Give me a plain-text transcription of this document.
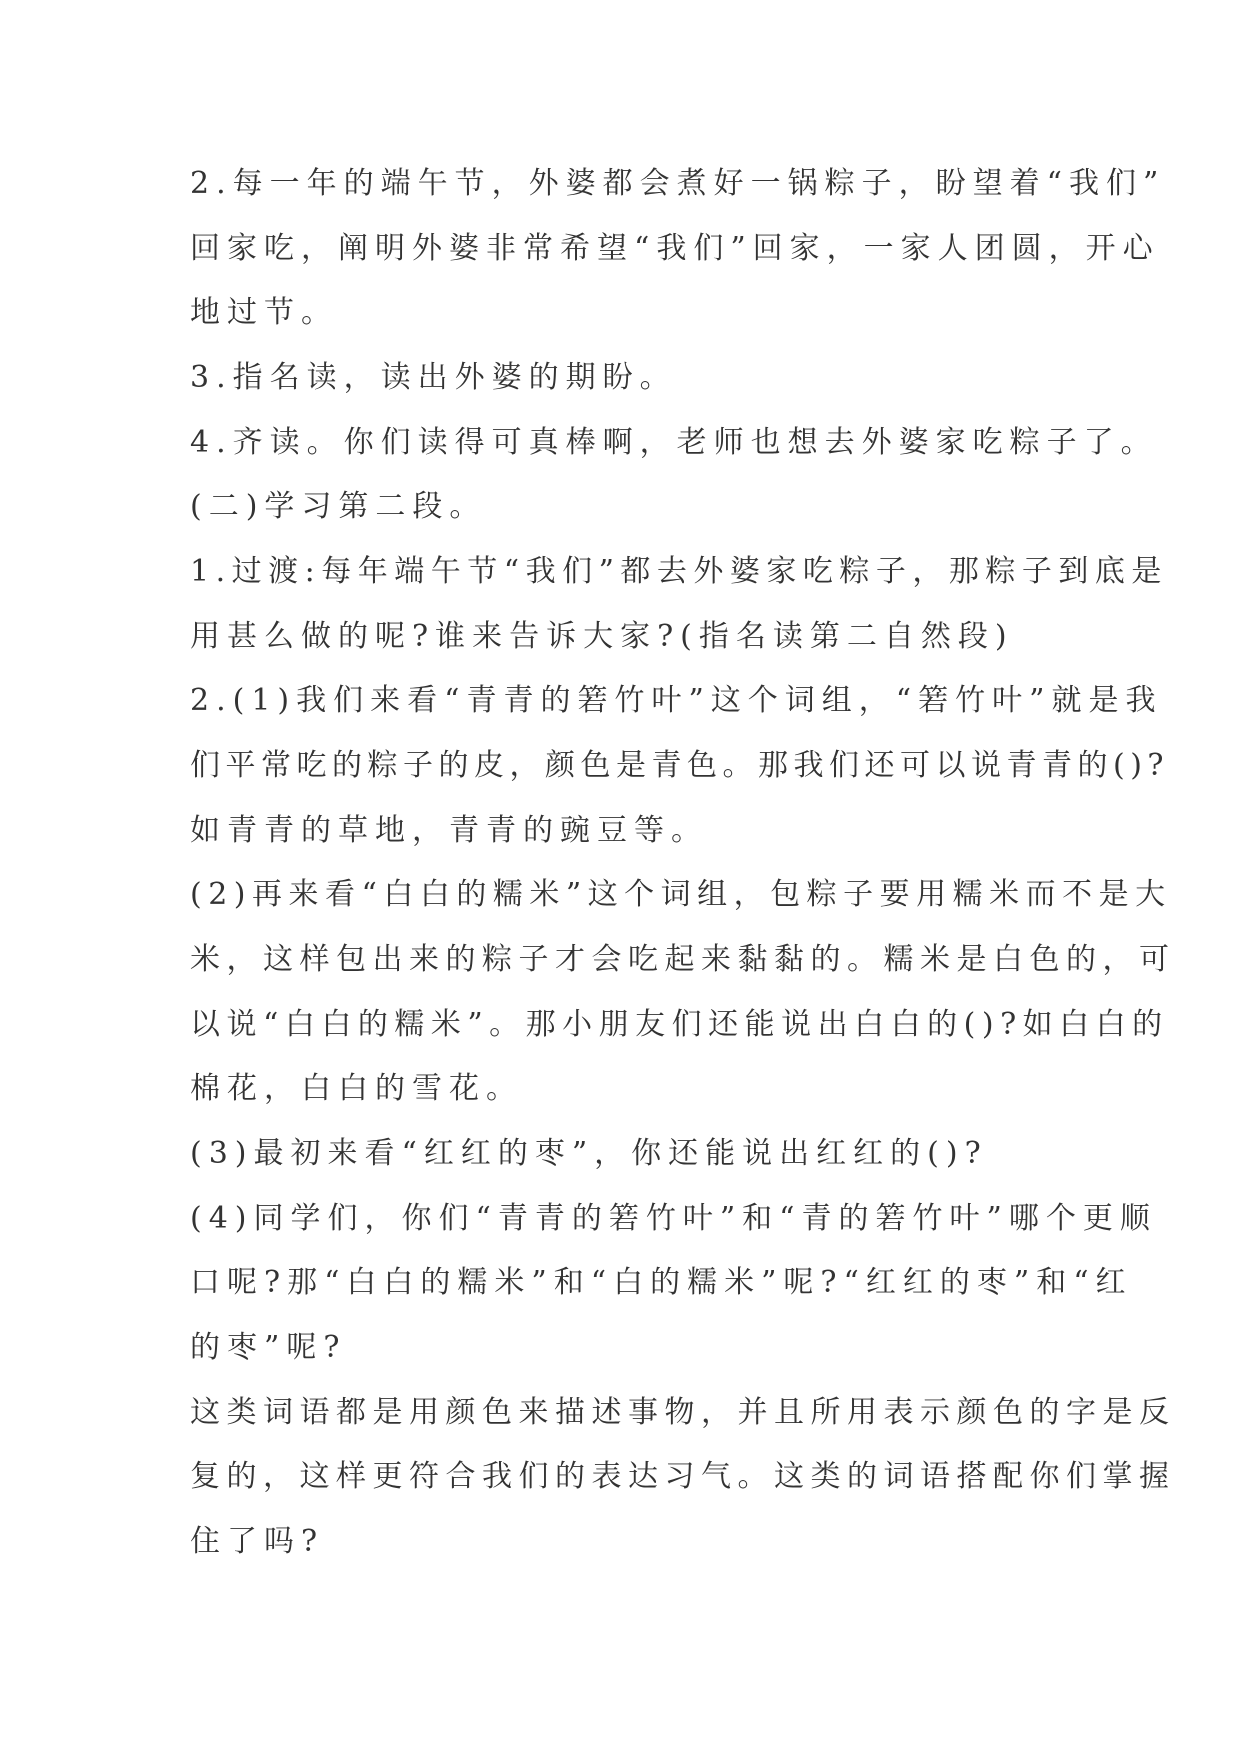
2.每一年的端午节，外婆都会煮好一锅粽子，盼望着“我们”
回家吃，阐明外婆非常希望“我们”回家，一家人团圆，开心
地过节。
3.指名读，读出外婆的期盼。
4.齐读。你们读得可真棒啊，老师也想去外婆家吃粽子了。
(二)学习第二段。
1.过渡:每年端午节“我们”都去外婆家吃粽子，那粽子到底是
用甚么做的呢?谁来告诉大家?(指名读第二自然段)
2.(1)我们来看“青青的箬竹叶”这个词组，“箬竹叶”就是我
们平常吃的粽子的皮，颜色是青色。那我们还可以说青青的()?
如青青的草地，青青的豌豆等。
(2)再来看“白白的糯米”这个词组，包粽子要用糯米而不是大
米，这样包出来的粽子才会吃起来黏黏的。糯米是白色的，可
以说“白白的糯米”。那小朋友们还能说出白白的()?如白白的
棉花，白白的雪花。
(3)最初来看“红红的枣”，你还能说出红红的()?
(4)同学们，你们“青青的箬竹叶”和“青的箬竹叶”哪个更顺
口呢?那“白白的糯米”和“白的糯米”呢?“红红的枣”和“红
的枣”呢?
这类词语都是用颜色来描述事物，并且所用表示颜色的字是反
复的，这样更符合我们的表达习气。这类的词语搭配你们掌握
住了吗?
